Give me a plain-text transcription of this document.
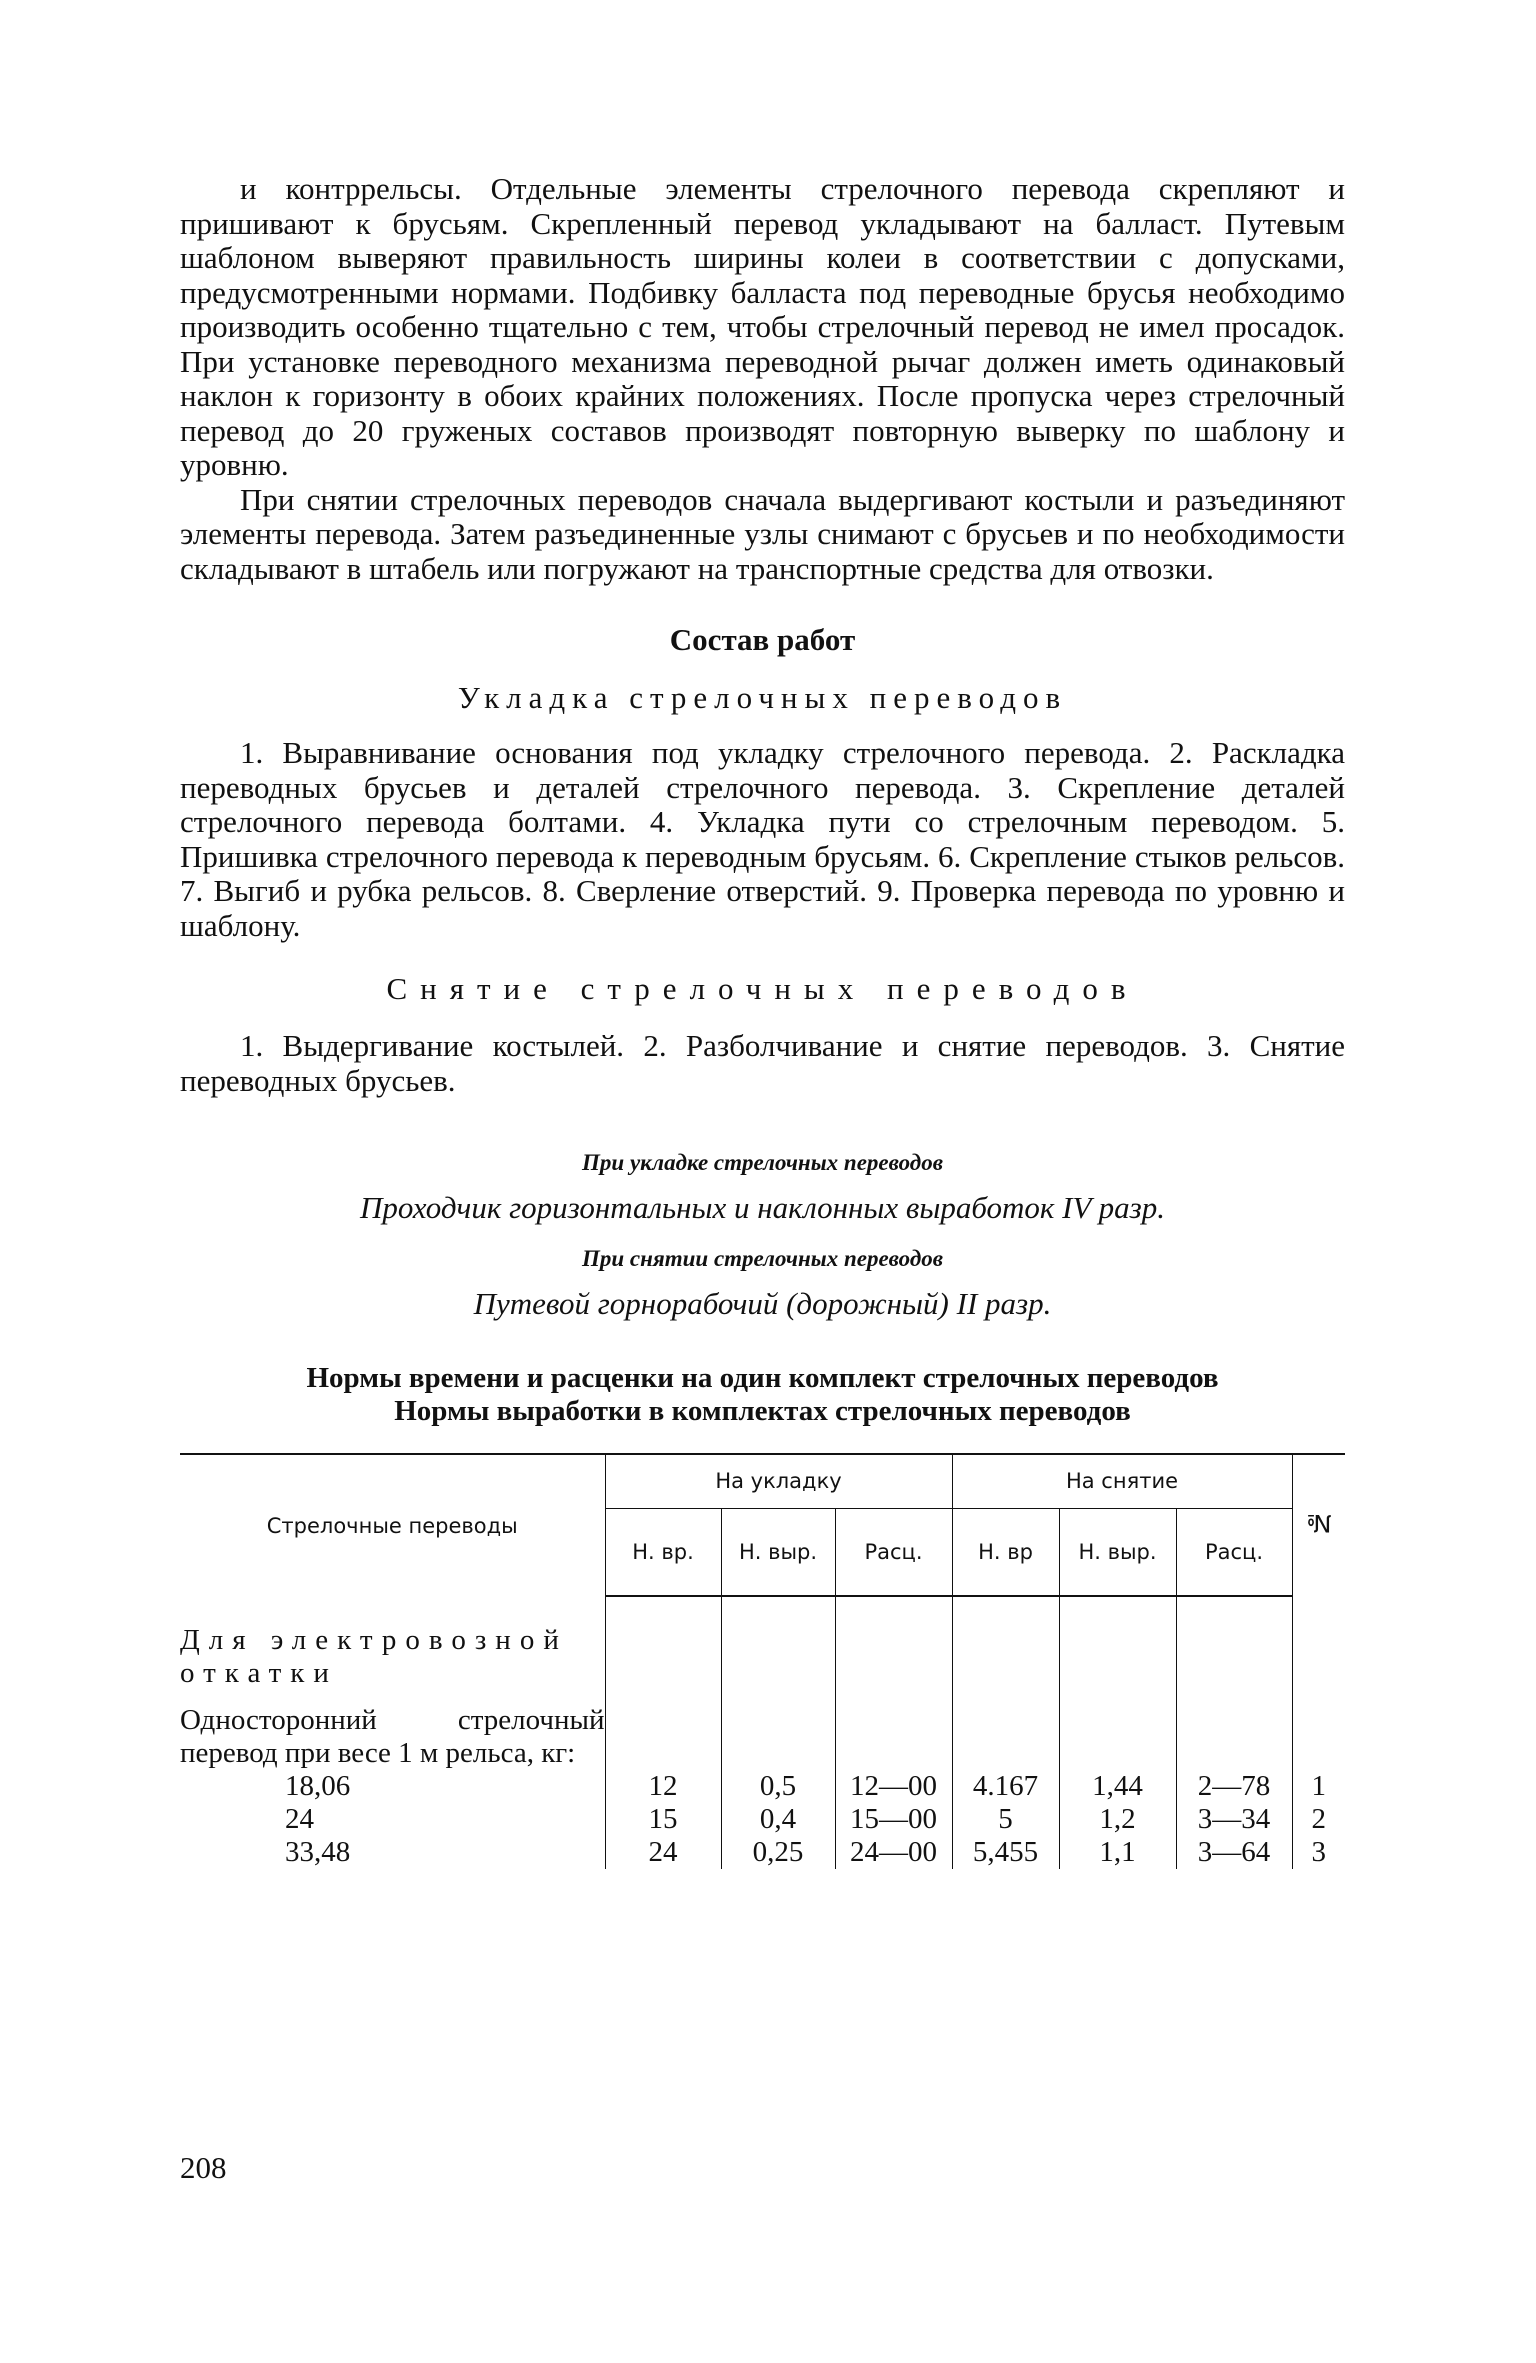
и контррельсы. Отдельные элементы стрелочного перевода скрепляют и пришивают к брусьям. Скрепленный перевод укладывают на балласт. Путевым шаблоном выверяют правильность ширины колеи в соответствии с допусками, предусмотренными нормами. Подбивку балласта под переводные брусья необходимо производить особенно тщательно с тем, чтобы стрелочный перевод не имел просадок. При установке переводного механизма переводной рычаг должен иметь одинаковый наклон к горизонту в обоих крайних положениях. После пропуска через стрелочный перевод до 20 груженых составов производят повторную выверку по шаблону и уровню.

При снятии стрелочных переводов сначала выдергивают костыли и разъединяют элементы перевода. Затем разъединенные узлы снимают с брусьев и по необходимости складывают в штабель или погружают на транспортные средства для отвозки.

Состав работ
Укладка стрелочных переводов

1. Выравнивание основания под укладку стрелочного перевода. 2. Раскладка переводных брусьев и деталей стрелочного перевода. 3. Скрепление деталей стрелочного перевода болтами. 4. Укладка пути со стрелочным переводом. 5. Пришивка стрелочного перевода к переводным брусьям. 6. Скрепление стыков рельсов. 7. Выгиб и рубка рельсов. 8. Сверление отверстий. 9. Проверка перевода по уровню и шаблону.

Снятие стрелочных переводов

1. Выдергивание костылей. 2. Разболчивание и снятие переводов. 3. Снятие переводных брусьев.

При укладке стрелочных переводов
Проходчик горизонтальных и наклонных выработок IV разр.
При снятии стрелочных переводов
Путевой горнорабочий (дорожный) II разр.
Нормы времени и расценки на один комплект стрелочных переводов
Нормы выработки в комплектах стрелочных переводов
Стрелочные переводы	На укладку			На снятие			№
	Н. вр.	Н. выр.	Расц.	Н. вр	Н. выр.	Расц.	
Для электровозной откатки							
Односторонний стрелочный перевод при весе 1 м рельса, кг:							
18,06	12	0,5	12—00	4.167	1,44	2—78	1
24	15	0,4	15—00	5	1,2	3—34	2
33,48	24	0,25	24—00	5,455	1,1	3—64	3
208
